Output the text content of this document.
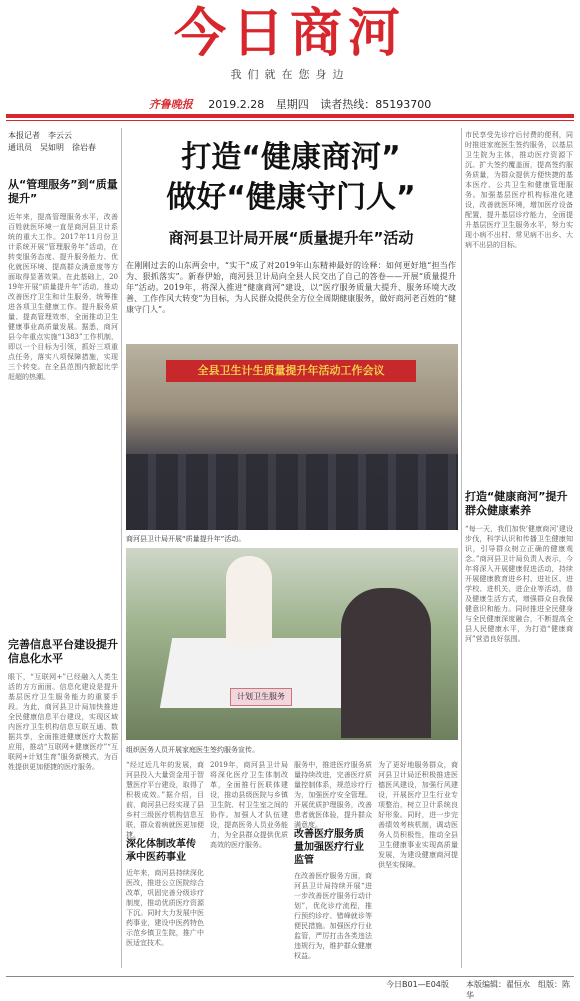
今日商河
我们就在您身边
齐鲁晚报 2019.2.28 星期四 读者热线：85193700
本报记者　李云云
通讯员　吴如明　徐岩春
从“管理服务”到“质量提升”
近年来，提高管理服务水平，改善百姓就医环境一直是商河县卫计系统的重大工作。2017年11月份卫计系统开展“管理服务年”活动，在转变服务态度、提升服务能力、优化就医环境、提高群众满意度等方面取得显著效果。在此基础上，2019年开展“质量提升年”活动，推动改善医疗卫生和计生服务，统筹推进各项卫生健康工作。提升服务质量、提高管理效率，全面推动卫生健康事业高质量发展。据悉，商河县今年重点实施“1383”工作机制，即以一个目标为引领，抓好三项重点任务，落实八项保障措施，实现三个转变。在全县范围内掀起比学赶超的热潮。
完善信息平台建设提升信息化水平
眼下，“互联网+”已经融入人类生活的方方面面。信息化建设是提升基层医疗卫生服务能力的重要手段。为此，商河县卫计局加快推进全民健康信息平台建设，实现区域内医疗卫生机构信息互联互通、数据共享，全面推进健康医疗大数据应用，推动“互联网+健康医疗”“互联网+计划生育”服务新模式，为百姓提供更加便捷的医疗服务。
打造“健康商河”
做好“健康守门人”
商河县卫计局开展“质量提升年”活动
在刚刚过去的山东两会中，“实干”成了对2019年山东精神最好的诠释：如何更好地“担当作为、狠抓落实”。新春伊始，商河县卫计局向全县人民交出了自己的答卷——开展“质量提升年”活动。2019年，将深入推进“健康商河”建设，以“医疗服务质量大提升、服务环境大改善、工作作风大转变”为目标，为人民群众提供全方位全周期健康服务，做好商河老百姓的“健康守门人”。
全县卫生计生质量提升年活动工作会议
商河县卫计局开展“质量提升年”活动。
计划卫生服务
组织医务人员开展家庭医生签约服务宣传。
市民享受先诊疗后付费的便利，同时推进家庭医生签约服务，以基层卫生院为主体，推动医疗资源下沉。扩大签约覆盖面，提高签约服务质量，为群众提供方便快捷的基本医疗、公共卫生和健康管理服务。加强基层医疗机构标准化建设，改善就医环境，增加医疗设备配置，提升基层诊疗能力，全面提升基层医疗卫生服务水平，努力实现小病不出村、常见病不出乡、大病不出县的目标。
打造“健康商河”提升群众健康素养
“每一天，我们加快‘健康商河’建设步伐，科学认识和传播卫生健康知识，引导群众树立正确的健康观念。”商河县卫计局负责人表示，今年将深入开展健康促进活动，持续开展健康教育进乡村、进社区、进学校、进机关、进企业等活动，普及健康生活方式，增强群众自我保健意识和能力。同时推进全民健身与全民健康深度融合，不断提高全县人民健康水平，为打造“健康商河”营造良好氛围。
“经过近几年的发展，商河县投入大量资金用于智慧医疗平台建设，取得了积极成效。”据介绍，目前，商河县已经实现了县乡村三级医疗机构信息互联，群众看病就医更加便捷。
深化体制改革传承中医药事业
近年来，商河县持续深化医改，推进公立医院综合改革，巩固完善分级诊疗制度，推动优质医疗资源下沉。同时大力发展中医药事业，建设中医药特色示范乡镇卫生院，推广中医适宜技术。
2019年，商河县卫计局将深化医疗卫生体制改革，全面推行医联体建设，推动县级医院与乡镇卫生院、村卫生室之间的协作。加强人才队伍建设，提高医务人员业务能力，为全县群众提供优质高效的医疗服务。
服务中，推进医疗服务质量持续改进，完善医疗质量控制体系，规范诊疗行为，加强医疗安全管理。开展优质护理服务，改善患者就医体验，提升群众满意度。
改善医疗服务质量加强医疗行业监管
在改善医疗服务方面，商河县卫计局持续开展“进一步改善医疗服务行动计划”，优化诊疗流程，推行预约诊疗、错峰就诊等便民措施。加强医疗行业监管，严厉打击各类违法违规行为，维护群众健康权益。
为了更好地服务群众，商河县卫计局还积极推进医德医风建设，加强行风建设，开展医疗卫生行业专项整治，树立卫计系统良好形象。同时，进一步完善绩效考核机制，调动医务人员积极性，推动全县卫生健康事业实现高质量发展，为建设健康商河提供坚实保障。
今日B01—E04版 本版编辑：翟恒水　组版：陈华
